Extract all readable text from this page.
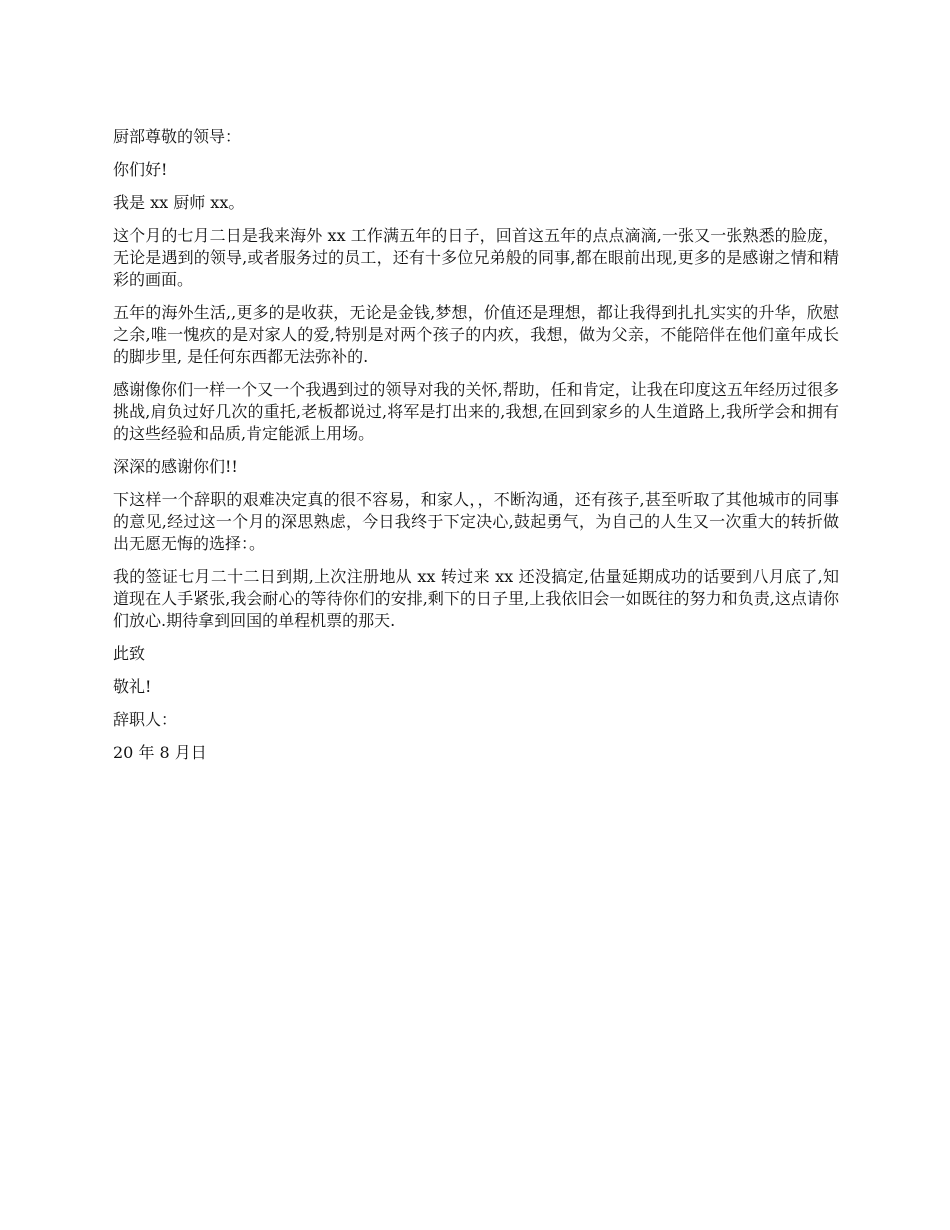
厨部尊敬的领导：

你们好!

我是 xx 厨师 xx。

这个月的七月二日是我来海外 xx 工作满五年的日子，回首这五年的点点滴滴,一张又一张熟悉的脸庞，无论是遇到的领导,或者服务过的员工，还有十多位兄弟般的同事,都在眼前出现,更多的是感谢之情和精彩的画面。

五年的海外生活,,更多的是收获，无论是金钱,梦想，价值还是理想，都让我得到扎扎实实的升华，欣慰之余,唯一愧疚的是对家人的爱,特别是对两个孩子的内疚，我想，做为父亲，不能陪伴在他们童年成长的脚步里, 是任何东西都无法弥补的.

感谢像你们一样一个又一个我遇到过的领导对我的关怀,帮助，任和肯定，让我在印度这五年经历过很多挑战,肩负过好几次的重托,老板都说过,将军是打出来的,我想,在回到家乡的人生道路上,我所学会和拥有的这些经验和品质,肯定能派上用场。

深深的感谢你们!!

下这样一个辞职的艰难决定真的很不容易，和家人，，不断沟通，还有孩子,甚至听取了其他城市的同事的意见,经过这一个月的深思熟虑，今日我终于下定决心,鼓起勇气，为自己的人生又一次重大的转折做出无愿无悔的选择：。

我的签证七月二十二日到期,上次注册地从 xx 转过来 xx 还没搞定,估量延期成功的话要到八月底了,知道现在人手紧张,我会耐心的等待你们的安排,剩下的日子里,上我依旧会一如既往的努力和负责,这点请你们放心.期待拿到回国的单程机票的那天.

此致

敬礼!

辞职人：

20 年 8 月日
